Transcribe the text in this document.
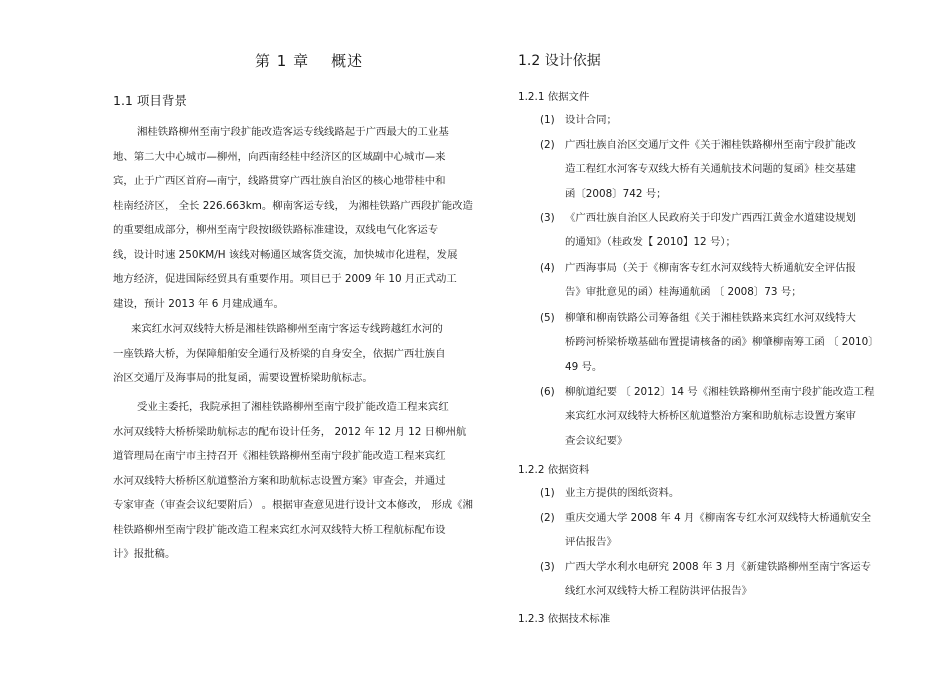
第 1 章 概述
1.1 项目背景
湘桂铁路柳州至南宁段扩能改造客运专线线路起于广西最大的工业基
地、第二大中心城市—柳州，向西南经桂中经济区的区域副中心城市—来
宾，止于广西区首府—南宁，线路贯穿广西壮族自治区的核心地带桂中和
桂南经济区， 全长 226.663km。柳南客运专线， 为湘桂铁路广西段扩能改造
的重要组成部分，柳州至南宁段按Ⅰ级铁路标准建设，双线电气化客运专
线，设计时速 250KM/H 该线对畅通区域客货交流，加快城市化进程，发展
地方经济，促进国际经贸具有重要作用。项目已于 2009 年 10 月正式动工
建设，预计 2013 年 6 月建成通车。
来宾红水河双线特大桥是湘桂铁路柳州至南宁客运专线跨越红水河的
一座铁路大桥，为保障船舶安全通行及桥梁的自身安全，依据广西壮族自
治区交通厅及海事局的批复函，需要设置桥梁助航标志。
受业主委托，我院承担了湘桂铁路柳州至南宁段扩能改造工程来宾红
水河双线特大桥桥梁助航标志的配布设计任务， 2012 年 12 月 12 日柳州航
道管理局在南宁市主持召开《湘桂铁路柳州至南宁段扩能改造工程来宾红
水河双线特大桥桥区航道整治方案和助航标志设置方案》审查会，并通过
专家审查（审查会议纪要附后） 。根据审查意见进行设计文本修改， 形成《湘
桂铁路柳州至南宁段扩能改造工程来宾红水河双线特大桥工程航标配布设
计》报批稿。
1.2 设计依据
1.2.1 依据文件
(1) 设计合同；
(2) 广西壮族自治区交通厅文件《关于湘桂铁路柳州至南宁段扩能改
造工程红水河客专双线大桥有关通航技术问题的复函》桂交基建
函〔2008〕742 号；
(3) 《广西壮族自治区人民政府关于印发广西西江黄金水道建设规划
的通知》（桂政发【 2010】12 号）；
(4) 广西海事局（关于《柳南客专红水河双线特大桥通航安全评估报
告》审批意见的函）桂海通航函 〔 2008〕73 号；
(5) 柳肇和柳南铁路公司筹备组《关于湘桂铁路来宾红水河双线特大
桥跨河桥梁桥墩基础布置提请核备的函》柳肇柳南筹工函 〔 2010〕
49 号。
(6) 柳航道纪要 〔 2012〕14 号《湘桂铁路柳州至南宁段扩能改造工程
来宾红水河双线特大桥桥区航道整治方案和助航标志设置方案审
查会议纪要》
1.2.2 依据资料
(1) 业主方提供的图纸资料。
(2) 重庆交通大学 2008 年 4 月《柳南客专红水河双线特大桥通航安全
评估报告》
(3) 广西大学水利水电研究 2008 年 3 月《新建铁路柳州至南宁客运专
线红水河双线特大桥工程防洪评估报告》
1.2.3 依据技术标准
